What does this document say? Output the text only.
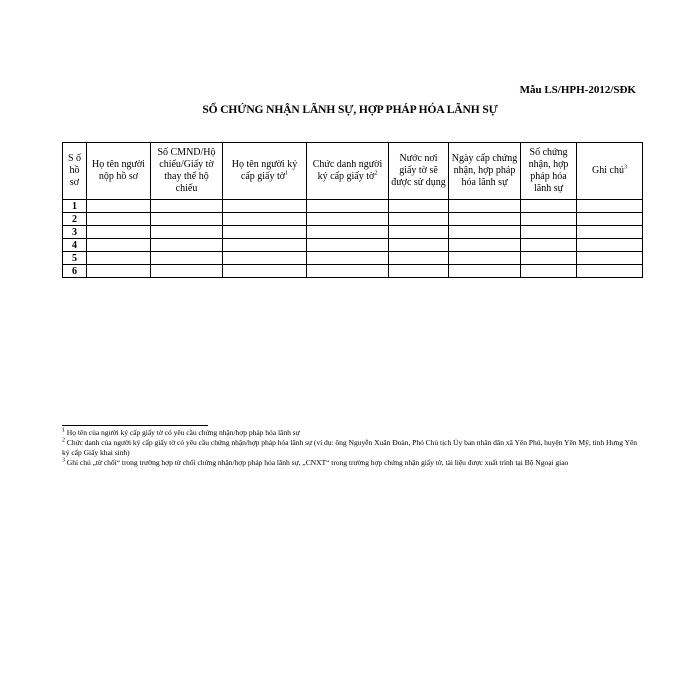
Mẫu LS/HPH-2012/SĐK
SỔ CHỨNG NHẬN LÃNH SỰ, HỢP PHÁP HÓA LÃNH SỰ
S ố hồ sơ	Họ tên người nộp hồ sơ	Số CMND/Hộ chiếu/Giấy tờ thay thế hộ chiếu	Họ tên người ký cấp giấy tờ$^1$	Chức danh người ký cấp giấy tờ$^2$	Nước nơi giấy tờ sẽ được sử dụng	Ngày cấp chứng nhận, hợp pháp hóa lãnh sự	Số chứng nhận, hợp pháp hóa lãnh sự	Ghi chú$^3$
1								
2								
3								
4								
5								
6								

$^1$ Họ tên của người ký cấp giấy tờ có yêu cầu chứng nhận/hợp pháp hóa lãnh sự

$^2$ Chức danh của người ký cấp giấy tờ có yêu cầu chứng nhận/hợp pháp hóa lãnh sự (ví dụ: ông Nguyễn Xuân Đoàn, Phó Chủ tịch Ủy ban nhân dân xã Yên Phú, huyện Yên Mỹ, tỉnh Hưng Yên ký cấp Giấy khai sinh)

$^3$ Ghi chú „từ chối“ trong trường hợp từ chối chứng nhận/hợp pháp hóa lãnh sự, „CNXT“ trong trường hợp chứng nhận giấy tờ, tài liệu được xuất trình tại Bộ Ngoại giao
